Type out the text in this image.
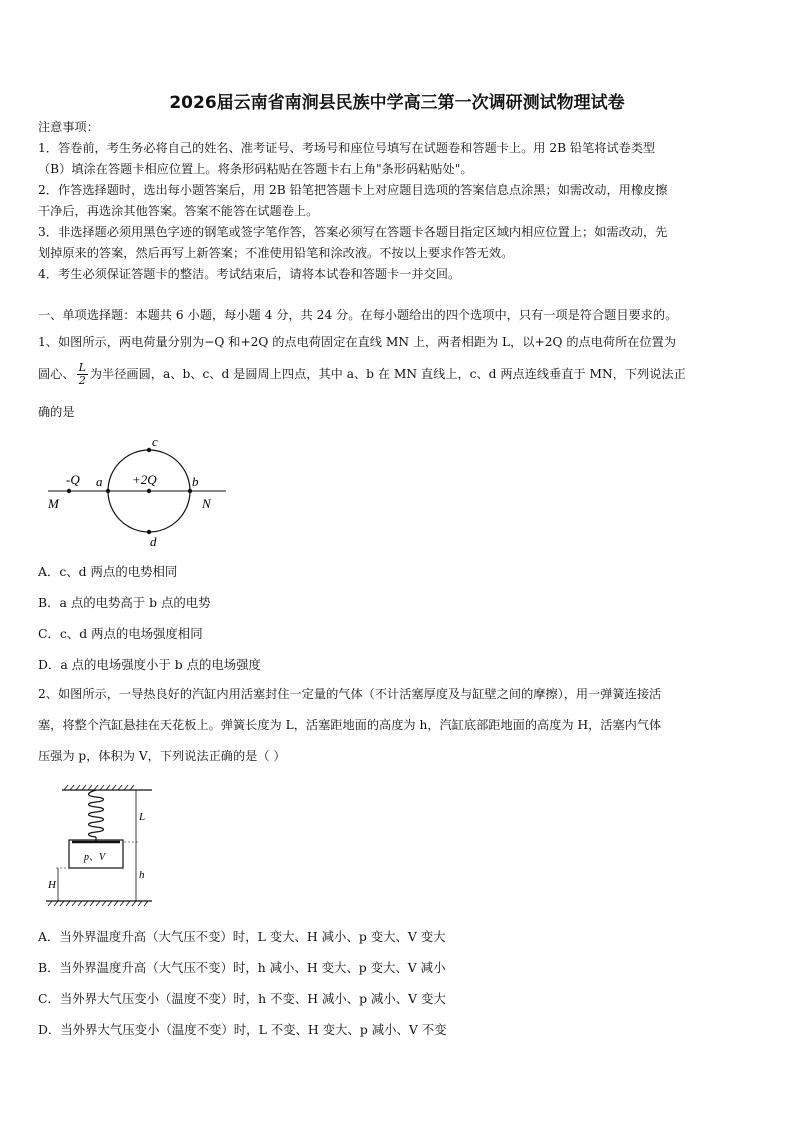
2026届云南省南涧县民族中学高三第一次调研测试物理试卷
注意事项：
1．答卷前，考生务必将自己的姓名、准考证号、考场号和座位号填写在试题卷和答题卡上。用 2B 铅笔将试卷类型
（B）填涂在答题卡相应位置上。将条形码粘贴在答题卡右上角"条形码粘贴处"。
2．作答选择题时，选出每小题答案后，用 2B 铅笔把答题卡上对应题目选项的答案信息点涂黑；如需改动，用橡皮擦
干净后，再选涂其他答案。答案不能答在试题卷上。
3．非选择题必须用黑色字迹的钢笔或签字笔作答，答案必须写在答题卡各题目指定区域内相应位置上；如需改动，先
划掉原来的答案，然后再写上新答案；不准使用铅笔和涂改液。不按以上要求作答无效。
4．考生必须保证答题卡的整洁。考试结束后，请将本试卷和答题卡一并交回。
一、单项选择题：本题共 6 小题，每小题 4 分，共 24 分。在每小题给出的四个选项中，只有一项是符合题目要求的。
1、如图所示，两电荷量分别为−Q 和+2Q 的点电荷固定在直线 MN 上，两者相距为 L，以+2Q 的点电荷所在位置为
圆心、 $\frac{L}{2}$ 为半径画圆，a、b、c、d 是圆周上四点，其中 a、b 在 MN 直线上，c、d 两点连线垂直于 MN，下列说法正
确的是
c
d
a	b
-Q	+2Q
M	N
A．c、d 两点的电势相同
B．a 点的电势高于 b 点的电势
C．c、d 两点的电场强度相同
D．a 点的电场强度小于 b 点的电场强度
2、如图所示，一导热良好的汽缸内用活塞封住一定量的气体（不计活塞厚度及与缸壁之间的摩擦），用一弹簧连接活
塞，将整个汽缸悬挂在天花板上。弹簧长度为 L，活塞距地面的高度为 h，汽缸底部距地面的高度为 H，活塞内气体
压强为 p，体积为 V，下列说法正确的是（ ）
p、V
L
h
H
A．当外界温度升高（大气压不变）时，L 变大、H 减小、p 变大、V 变大
B．当外界温度升高（大气压不变）时，h 减小、H 变大、p 变大、V 减小
C．当外界大气压变小（温度不变）时，h 不变、H 减小、p 减小、V 变大
D．当外界大气压变小（温度不变）时，L 不变、H 变大、p 减小、V 不变
